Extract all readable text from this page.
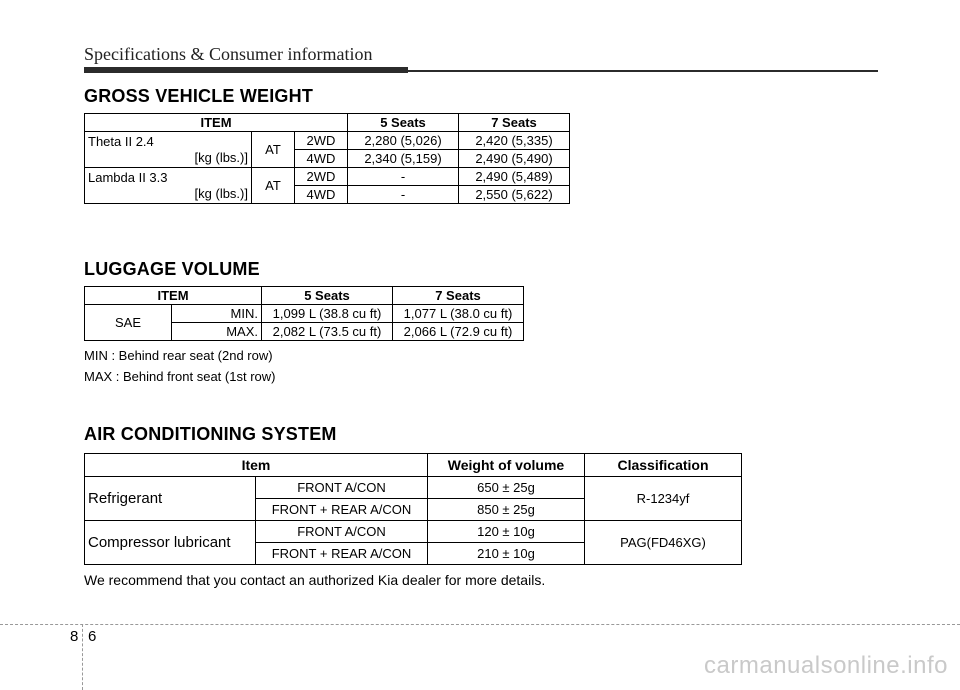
Specifications & Consumer information
GROSS VEHICLE WEIGHT
ITEM			5 Seats	7 Seats

Theta II 2.4
[kg (lbs.)]	AT	2WD	2,280 (5,026)	2,420 (5,335)
		4WD	2,340 (5,159)	2,490 (5,490)

Lambda II 3.3
[kg (lbs.)]	AT	2WD	-	2,490 (5,489)
		4WD	-	2,550 (5,622)
LUGGAGE VOLUME
ITEM		5 Seats	7 Seats
SAE	MIN.	1,099 L (38.8 cu ft)	1,077 L (38.0 cu ft)
	MAX.	2,082 L (73.5 cu ft)	2,066 L (72.9 cu ft)
MIN : Behind rear seat (2nd row)
MAX : Behind front seat (1st row)
AIR CONDITIONING SYSTEM
Item		Weight of volume	Classification
Refrigerant	FRONT A/CON	650 ± 25g	R-1234yf
	FRONT + REAR A/CON	850 ± 25g	
Compressor lubricant	FRONT A/CON	120 ± 10g	PAG(FD46XG)
	FRONT + REAR A/CON	210 ± 10g	
We recommend that you contact an authorized Kia dealer for more details.
8 6
carmanualsonline.info
